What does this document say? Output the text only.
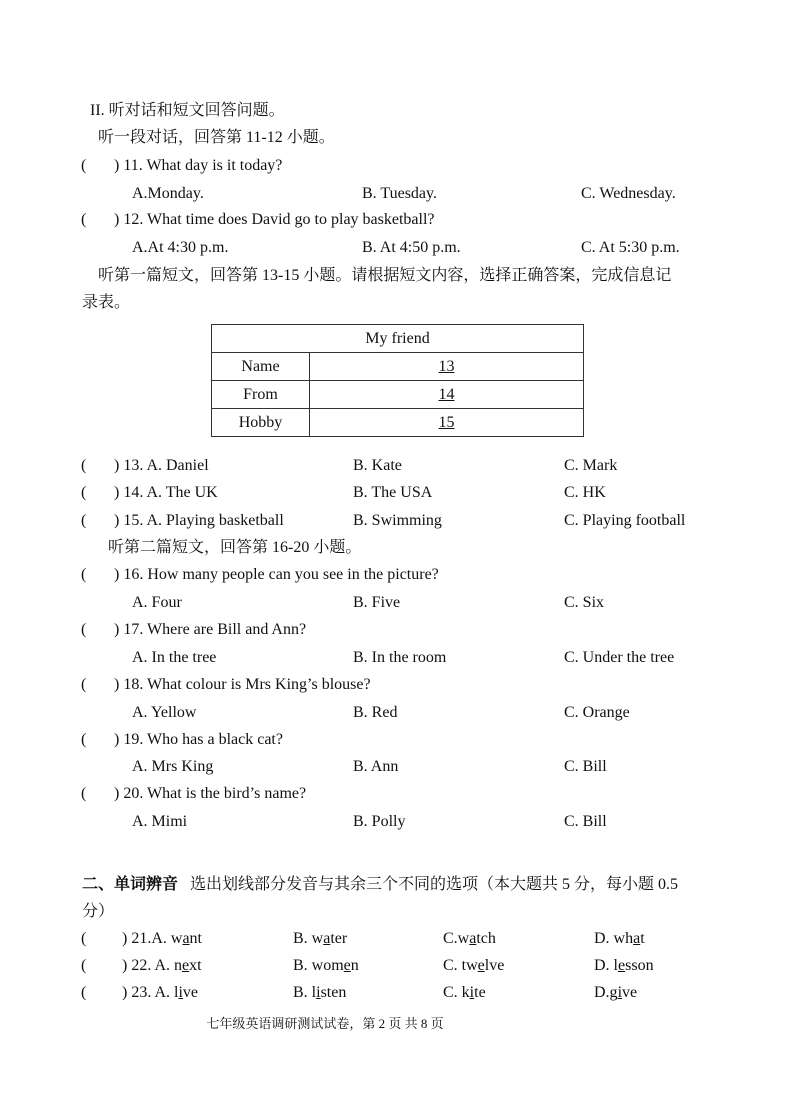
II. 听对话和短文回答问题。
听一段对话，回答第 11-12 小题。
( ) 11. What day is it today?
A.Monday.	B. Tuesday.	C. Wednesday.
( ) 12. What time does David go to play basketball?
A.At 4:30 p.m.	B. At 4:50 p.m.	C. At 5:30 p.m.
听第一篇短文，回答第 13-15 小题。请根据短文内容，选择正确答案，完成信息记
录表。
My friend	
Name	13
From	14
Hobby	15
( ) 13. A. Daniel	B. Kate	C. Mark
( ) 14. A. The UK	B. The USA	C. HK
( ) 15. A. Playing basketball	B. Swimming	C. Playing football
听第二篇短文，回答第 16-20 小题。
( ) 16. How many people can you see in the picture?
A. Four	B. Five	C. Six
( ) 17. Where are Bill and Ann?
A. In the tree	B. In the room	C. Under the tree
( ) 18. What colour is Mrs King’s blouse?
A. Yellow	B. Red	C. Orange
( ) 19. Who has a black cat?
A. Mrs King	B. Ann	C. Bill
( ) 20. What is the bird’s name?
A. Mimi	B. Polly	C. Bill
二、单词辨音 选出划线部分发音与其余三个不同的选项（本大题共 5 分，每小题 0.5
分）
( ) 21.A. want	B. water	C.watch	D. what
( ) 22. A. next	B. women	C. twelve	D. lesson
( ) 23. A. live	B. listen	C. kite	D.give
七年级英语调研测试试卷，第 2 页 共 8 页
